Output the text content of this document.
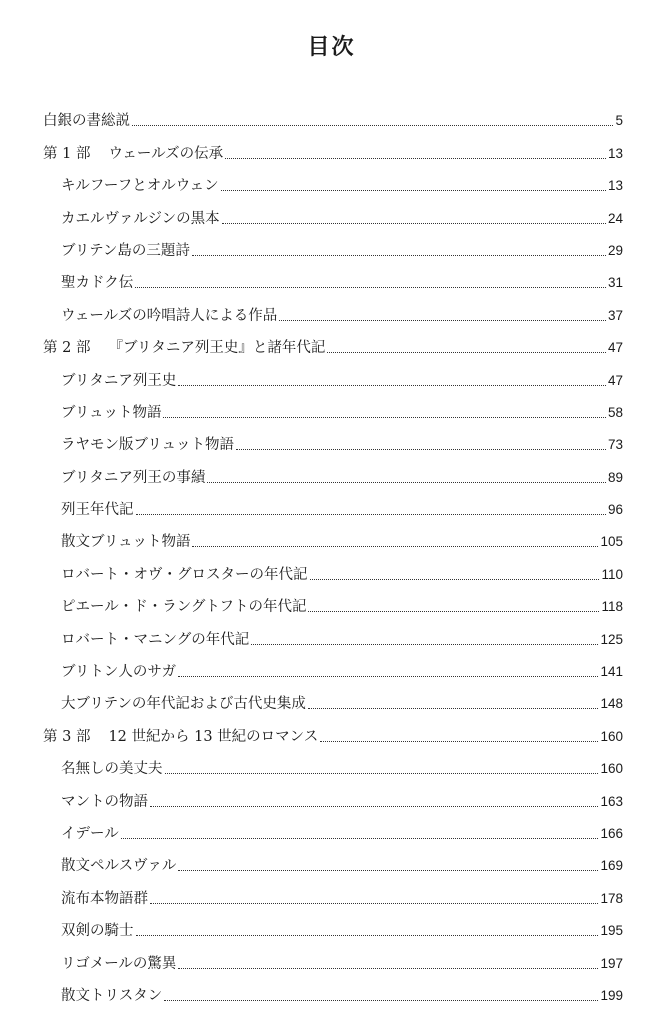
目次
白銀の書総説	5
第 1 部 ウェールズの伝承	13
キルフーフとオルウェン	13
カエルヴァルジンの黒本	24
ブリテン島の三題詩	29
聖カドク伝	31
ウェールズの吟唱詩人による作品	37
第 2 部 『ブリタニア列王史』と諸年代記	47
ブリタニア列王史	47
ブリュット物語	58
ラヤモン版ブリュット物語	73
ブリタニア列王の事績	89
列王年代記	96
散文ブリュット物語	105
ロバート・オヴ・グロスターの年代記	110
ピエール・ド・ラングトフトの年代記	118
ロバート・マニングの年代記	125
ブリトン人のサガ	141
大ブリテンの年代記および古代史集成	148
第 3 部 12 世紀から 13 世紀のロマンス	160
名無しの美丈夫	160
マントの物語	163
イデール	166
散文ペルスヴァル	169
流布本物語群	178
双剣の騎士	195
リゴメールの驚異	197
散文トリスタン	199
